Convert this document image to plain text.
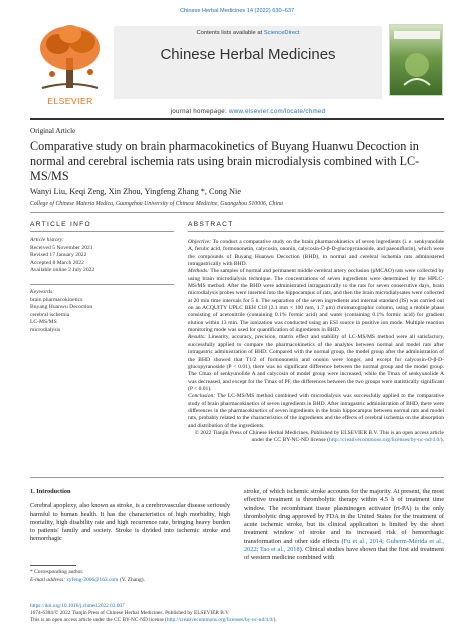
Chinese Herbal Medicines 14 (2022) 630–637
ELSEVIER
Contents lists available at ScienceDirect
Chinese Herbal Medicines
journal homepage: www.elsevier.com/locate/chmed
Original Article
Comparative study on brain pharmacokinetics of Buyang Huanwu Decoction in normal and cerebral ischemia rats using brain microdialysis combined with LC-MS/MS
Wanyi Liu, Keqi Zeng, Xin Zhou, Yingfeng Zhang *, Cong Nie
College of Chinese Materia Medica, Guangzhou University of Chinese Medicine, Guangzhou 510006, China
ARTICLE INFO
Article history:
Received 5 November 2021
Revised 17 January 2022
Accepted 8 March 2022
Available online 2 July 2022
Keywords:
brain pharmacokinetics
Buyang Huanwu Decoction
cerebral ischemia
LC-MS/MS
microdialysis
ABSTRACT

Objective: To conduct a comparative study on the brain pharmacokinetics of seven ingredients (i. e. senkyunolide A, ferulic acid, formononetin, calycosin, ononin, calycosin-O-β-D-glucopyranoside, and paeoniflorin), which were the compounds of Buyang Huanwu Decoction (BHD), in normal and cerebral ischemia rats administered intragastrically with BHD.

Methods: The samples of normal and permanent middle cerebral artery occlusion (pMCAO) rats were collected by using brain microdialysis technique. The concentrations of seven ingredients were determined by the HPLC-MS/MS method. After the BHD were administrated intragastrically to the rats for seven consecutive days, brain microdialysis probes were inserted into the hippocampus of rats, and then the brain microdialysates were collected at 20 min time intervals for 5 h. The separation of the seven ingredients and internal standard (IS) was carried out on an ACQUITY UPLC BEH C18 (2.1 mm × 100 mm, 1.7 μm) chromatographic column, using a mobile phase consisting of acetonitrile (containing 0.1% formic acid) and water (containing 0.1% formic acid) for gradient elution within 13 min. The ionization was conducted using an ESI source in positive ion mode. Multiple reaction monitoring mode was used for quantification of ingredients in BHD.

Results: Linearity, accuracy, precision, matrix effect and stability of LC-MS/MS method were all satisfactory, successfully applied to compare the pharmacokinetics of the analytes between normal and model rats after intragastric administration of BHD. Compared with the normal group, the model group after the administration of the BHD showed that T1/2 of formononetin and ononin were longer, and except for calycosin-O-β-D-glucopyranoside (P < 0.01), there was no significant difference between the normal group and the model group. The Cmax of senkyunolide A and calycosin of model group were increased, while the Tmax of senkyunolide A was decreased, and except for the Tmax of PF, the differences between the two groups were statistically significant (P < 0.01).

Conclusion: The LC-MS/MS method combined with microdialysis was successfully applied to the comparative study of brain pharmacokinetics of seven ingredients in BHD. After intragastric administration of BHD, there were differences in the pharmacokinetics of seven ingredients in the brain hippocampus between normal rats and model rats, probably related to the characteristics of the ingredients and the effects of cerebral ischemia on the absorption and distribution of the ingredients.

© 2022 Tianjin Press of Chinese Herbal Medicines. Published by ELSEVIER B.V. This is an open access article under the CC BY-NC-ND license (http://creativecommons.org/licenses/by-nc-nd/4.0/).

1. Introduction
Cerebral apoplexy, also known as stroke, is a cerebrovascular disease seriously harmful to human health. It has the characteristics of high morbidity, high mortality, high disability rate and high recurrence rate, bringing heavy burden to patients' family and society. Stroke is divided into ischemic stroke and hemorrhagic
stroke, of which ischemic stroke accounts for the majority. At present, the most effective treatment is thrombolytic therapy within 4.5 h of treatment time window. The recombinant tissue plasminogen activator (rt-PA) is the only thrombolytic drug approved by FDA in the United States for the treatment of acute ischemic stroke, but its clinical application is limited by the short treatment window of stroke and its increased risk of hemorrhagic transformation and other side effects (Fu et al., 2014; Guberm-Mérida et al., 2022; Tao et al., 2018). Clinical studies have shown that the first aid treatment of western medicine combined with
* Corresponding author.
E-mail address: zyfeng-2006@163.com (Y. Zhang).
https://doi.org/10.1016/j.chmed.2022.03.007
1674-6384/© 2022 Tianjin Press of Chinese Herbal Medicines. Published by ELSEVIER B.V.
This is an open access article under the CC BY-NC-ND license (http://creativecommons.org/licenses/by-nc-nd/4.0/).
